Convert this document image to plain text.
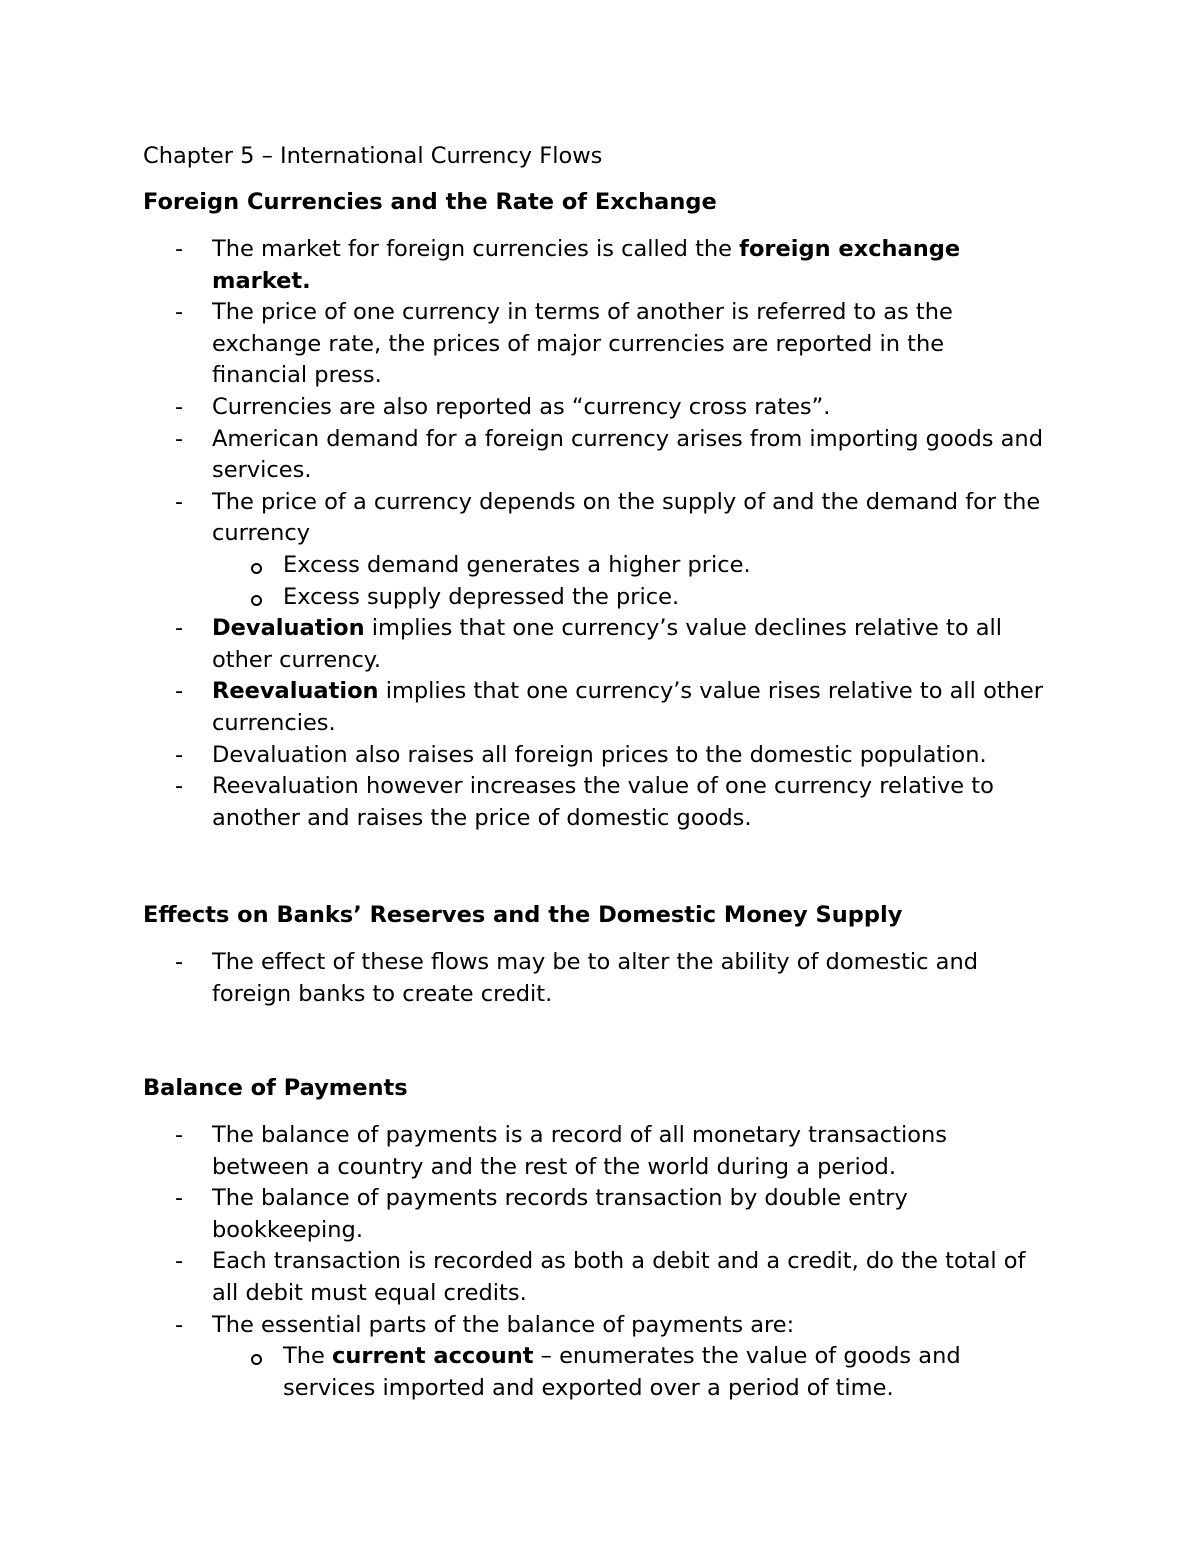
Chapter 5 – International Currency Flows
Foreign Currencies and the Rate of Exchange
- The market for foreign currencies is called the foreign exchange market.
- The price of one currency in terms of another is referred to as the exchange rate, the prices of major currencies are reported in the financial press.
- Currencies are also reported as “currency cross rates”.
- American demand for a foreign currency arises from importing goods and services.
- The price of a currency depends on the supply of and the demand for the currency
Excess demand generates a higher price.
Excess supply depressed the price.
- Devaluation implies that one currency’s value declines relative to all other currency.
- Reevaluation implies that one currency’s value rises relative to all other currencies.
- Devaluation also raises all foreign prices to the domestic population.
- Reevaluation however increases the value of one currency relative to another and raises the price of domestic goods.
Effects on Banks’ Reserves and the Domestic Money Supply
- The effect of these flows may be to alter the ability of domestic and foreign banks to create credit.
Balance of Payments
- The balance of payments is a record of all monetary transactions between a country and the rest of the world during a period.
- The balance of payments records transaction by double entry bookkeeping.
- Each transaction is recorded as both a debit and a credit, do the total of all debit must equal credits.
- The essential parts of the balance of payments are:
The current account – enumerates the value of goods and services imported and exported over a period of time.
